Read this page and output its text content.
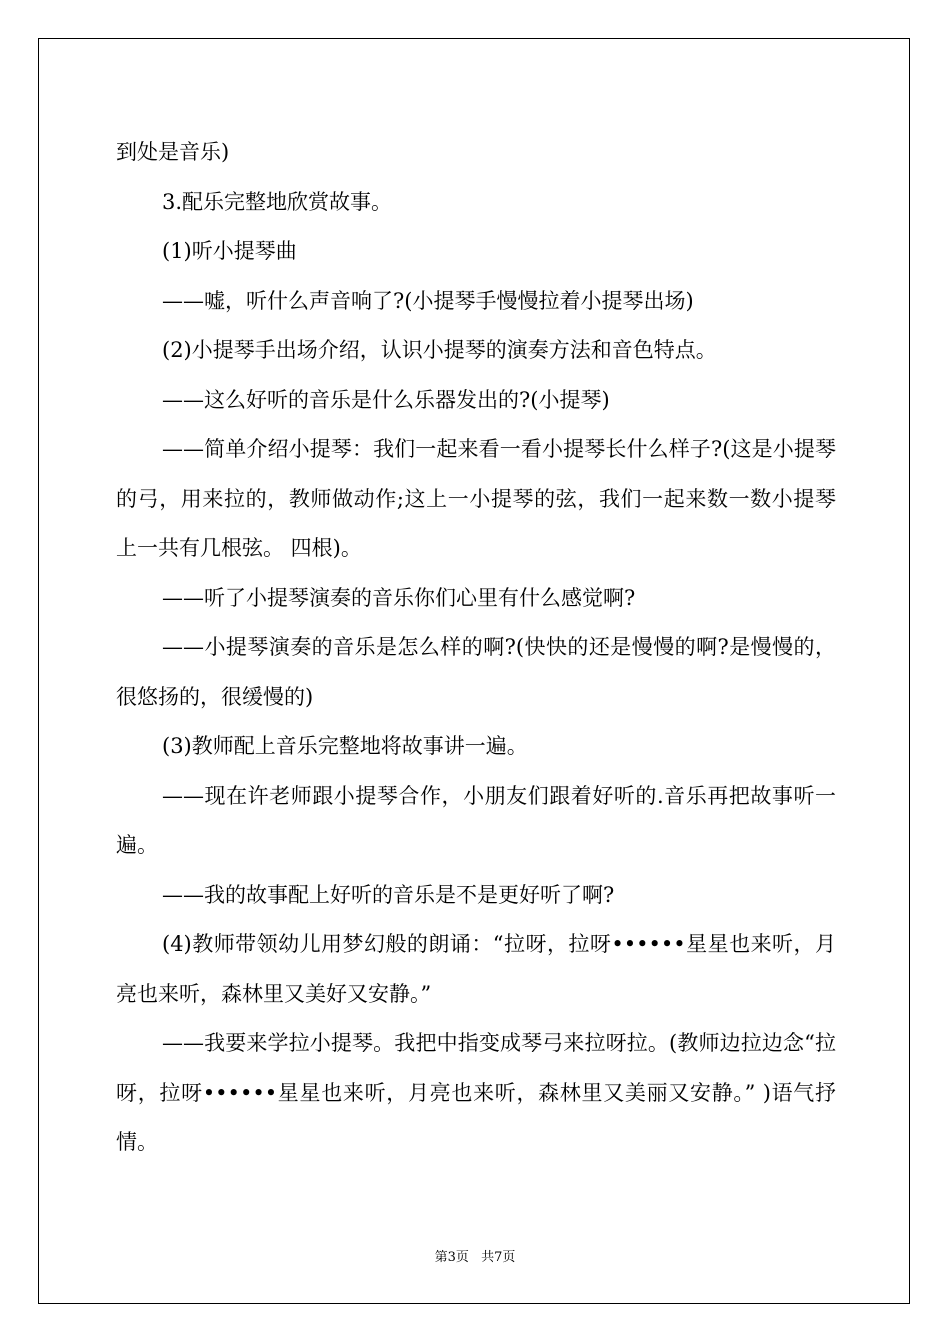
到处是音乐)

3.配乐完整地欣赏故事。

(1)听小提琴曲

——嘘，听什么声音响了?(小提琴手慢慢拉着小提琴出场)

(2)小提琴手出场介绍，认识小提琴的演奏方法和音色特点。

——这么好听的音乐是什么乐器发出的?(小提琴)

——简单介绍小提琴：我们一起来看一看小提琴长什么样子?(这是小提琴的弓，用来拉的，教师做动作;这上一小提琴的弦，我们一起来数一数小提琴上一共有几根弦。 四根)。

——听了小提琴演奏的音乐你们心里有什么感觉啊?

——小提琴演奏的音乐是怎么样的啊?(快快的还是慢慢的啊?是慢慢的，很悠扬的，很缓慢的)

(3)教师配上音乐完整地将故事讲一遍。

——现在许老师跟小提琴合作，小朋友们跟着好听的.音乐再把故事听一遍。

——我的故事配上好听的音乐是不是更好听了啊?

(4)教师带领幼儿用梦幻般的朗诵：“拉呀，拉呀••••••星星也来听，月亮也来听，森林里又美好又安静。”

——我要来学拉小提琴。我把中指变成琴弓来拉呀拉。(教师边拉边念“拉呀，拉呀••••••星星也来听，月亮也来听，森林里又美丽又安静。” )语气抒情。

第3页 共7页
